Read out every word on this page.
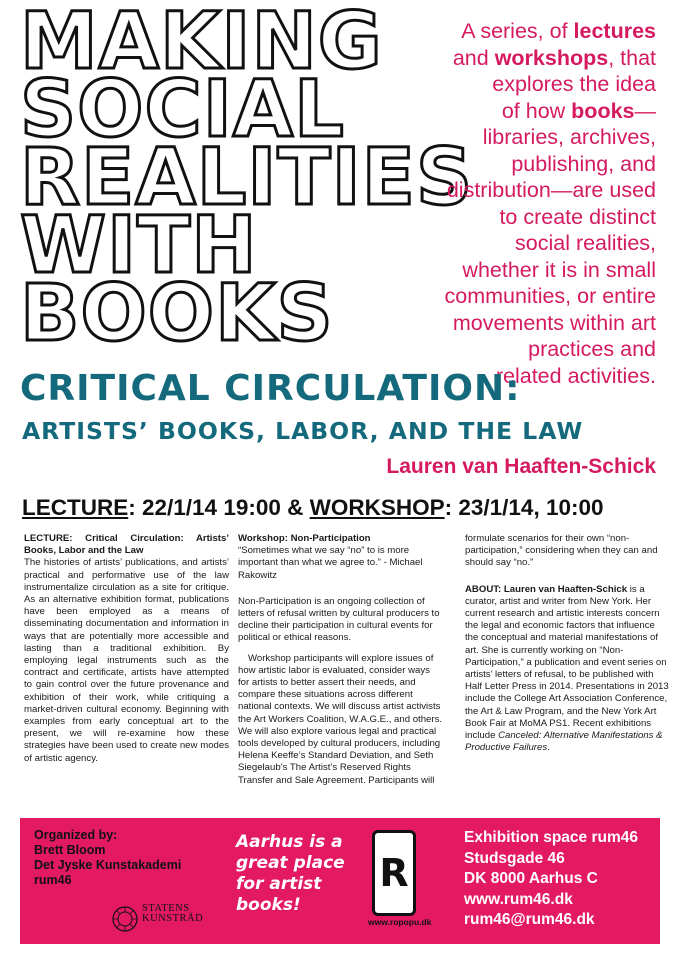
MAKING
SOCIAL
REALITIES
WITH
BOOKS
A series, of lectures
and workshops, that
explores the idea
of how books—
libraries, archives,
publishing, and
distribution—are used
to create distinct
social realities,
whether it is in small
communities, or entire
movements within art
practices and
related activities.
CRITICAL CIRCULATION:
ARTISTS’ BOOKS, LABOR, AND THE LAW
Lauren van Haaften-Schick
LECTURE: 22/1/14 19:00 & WORKSHOP: 23/1/14, 10:00

LECTURE: Critical Circulation: Artists’ Books, Labor and the Law
The histories of artists’ publications, and artists’ practical and performative use of the law instrumentalize circulation as a site for critique. As an alternative exhibition format, publications have been employed as a means of disseminating documentation and information in ways that are potentially more accessible and lasting than a traditional exhibition. By employing legal instruments such as the contract and certificate, artists have attempted to gain control over the future provenance and exhibition of their work, while critiquing a market-driven cultural economy. Beginning with examples from early conceptual art to the present, we will re-examine how these strategies have been used to create new modes of artistic agency.

Workshop: Non-Participation
“Sometimes what we say “no” to is more important than what we agree to.” - Michael Rakowitz

Non-Participation is an ongoing collection of letters of refusal written by cultural producers to decline their participation in cultural events for political or ethical reasons.

Workshop participants will explore issues of how artistic labor is evaluated, consider ways for artists to better assert their needs, and compare these situations across different national contexts. We will discuss artist activists the Art Workers Coalition, W.A.G.E., and others. We will also explore various legal and practical tools developed by cultural producers, including Helena Keeffe’s Standard Deviation, and Seth Siegelaub’s The Artist’s Reserved Rights Transfer and Sale Agreement. Participants will

formulate scenarios for their own “non-participation,” considering when they can and should say “no.”

ABOUT: Lauren van Haaften-Schick is a curator, artist and writer from New York. Her current research and artistic interests concern the legal and economic factors that influence the conceptual and material manifestations of art. She is currently working on “Non-Participation,” a publication and event series on artists’ letters of refusal, to be published with Half Letter Press in 2014. Presentations in 2013 include the College Art Association Conference, the Art & Law Program, and the New York Art Book Fair at MoMA PS1. Recent exhibitions include Canceled: Alternative Manifestations & Productive Failures.

Organized by:
Brett Bloom
Det Jyske Kunstakademi
rum46
STATENS
KUNSTRÅD
Aarhus is a
great place
for artist
books!
R
www.ropopu.dk
Exhibition space rum46
Studsgade 46
DK 8000 Aarhus C
www.rum46.dk
rum46@rum46.dk
